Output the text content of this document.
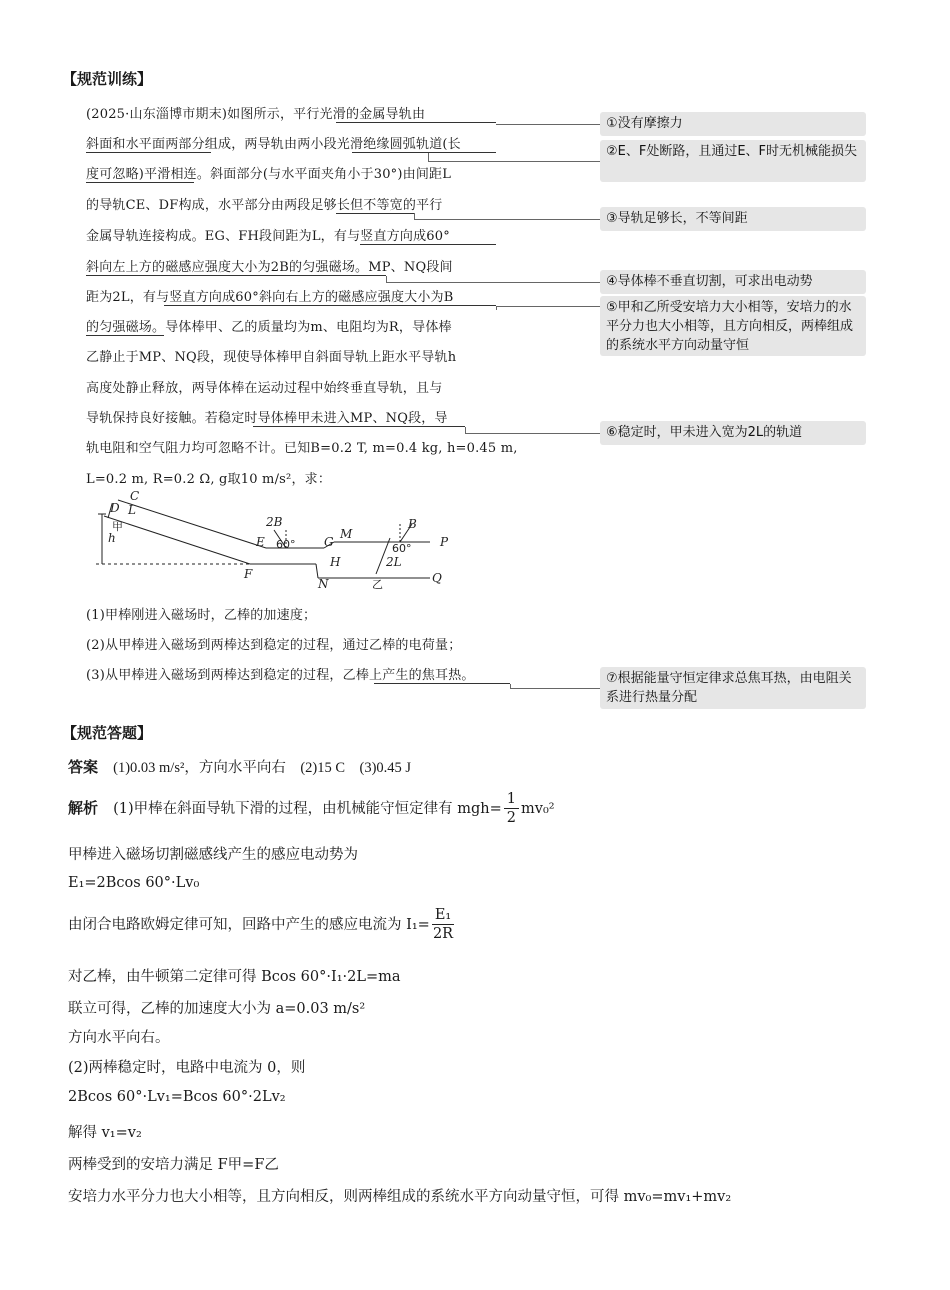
【规范训练】
(2025·山东淄博市期末)如图所示，平行光滑的金属导轨由
斜面和水平面两部分组成，两导轨由两小段光滑绝缘圆弧轨道(长
度可忽略)平滑相连。斜面部分(与水平面夹角小于30°)由间距L
的导轨CE、DF构成，水平部分由两段足够长但不等宽的平行
金属导轨连接构成。EG、FH段间距为L，有与竖直方向成60°
斜向左上方的磁感应强度大小为2B的匀强磁场。MP、NQ段间
距为2L，有与竖直方向成60°斜向右上方的磁感应强度大小为B
的匀强磁场。导体棒甲、乙的质量均为m、电阻均为R，导体棒
乙静止于MP、NQ段，现使导体棒甲自斜面导轨上距水平导轨h
高度处静止释放，两导体棒在运动过程中始终垂直导轨，且与
导轨保持良好接触。若稳定时导体棒甲未进入MP、NQ段，导
轨电阻和空气阻力均可忽略不计。已知B=0.2 T, m=0.4 kg, h=0.45 m,
L=0.2 m, R=0.2 Ω, g取10 m/s²，求：
①没有摩擦力
②E、F处断路，且通过E、F时无机械能损失
③导轨足够长，不等间距
④导体棒不垂直切割，可求出电动势
⑤甲和乙所受安培力大小相等，安培力的水平分力也大小相等，且方向相反，两棒组成的系统水平方向动量守恒
⑥稳定时，甲未进入宽为2L的轨道
⑦根据能量守恒定律求总焦耳热，由电阻关系进行热量分配
C
D L
h	E
F
2B
G
M
H
N
B
2L
P
Q
甲
60°	60°
乙
(1)甲棒刚进入磁场时，乙棒的加速度；
(2)从甲棒进入磁场到两棒达到稳定的过程，通过乙棒的电荷量；
(3)从甲棒进入磁场到两棒达到稳定的过程，乙棒上产生的焦耳热。
【规范答题】
答案 (1)0.03 m/s²，方向水平向右　(2)15 C　(3)0.45 J
解析 (1)甲棒在斜面导轨下滑的过程，由机械能守恒定律有 $mgh= \frac{1}{2} mv_0^2$
甲棒进入磁场切割磁感线产生的感应电动势为
E₁=2Bcos 60°·Lv₀
由闭合电路欧姆定律可知，回路中产生的感应电流为 $I_1= \frac{\text{E₁}}{2R}$
对乙棒，由牛顿第二定律可得 Bcos 60°·I₁·2L=ma
联立可得，乙棒的加速度大小为 a=0.03 m/s²
方向水平向右。
(2)两棒稳定时，电路中电流为 0，则
2Bcos 60°·Lv₁=Bcos 60°·2Lv₂
解得 v₁=v₂
两棒受到的安培力满足 F甲=F乙
安培力水平分力也大小相等，且方向相反，则两棒组成的系统水平方向动量守恒，可得 mv₀=mv₁+mv₂
